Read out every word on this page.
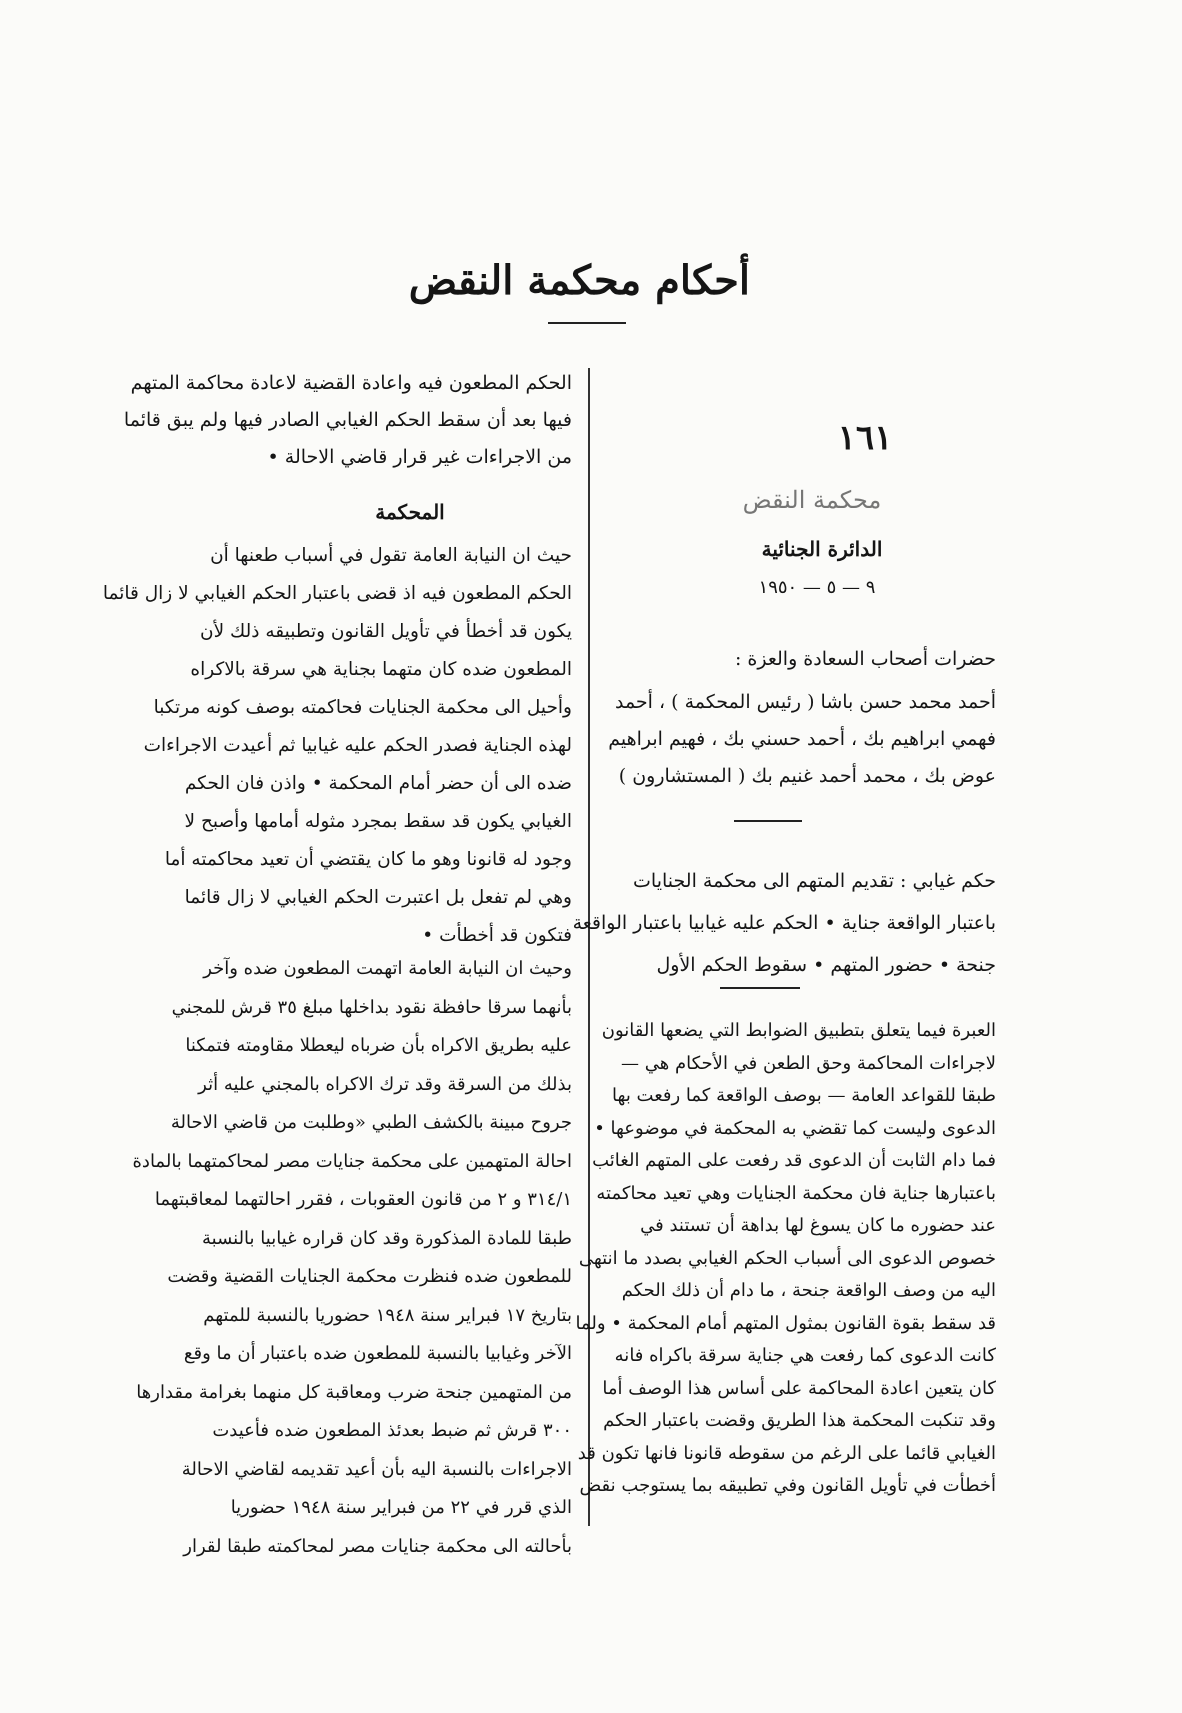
أحكام محكمة النقض
١٦١
محكمة النقض
الدائرة الجنائية
٩ — ٥ — ١٩٥٠
حضرات أصحاب السعادة والعزة :

أحمد محمد حسن باشا ( رئيس المحكمة ) ، أحمد

فهمي ابراهيم بك ، أحمد حسني بك ، فهيم ابراهيم

عوض بك ، محمد أحمد غنيم بك ( المستشارون )

حكم غيابي : تقديم المتهم الى محكمة الجنايات

باعتبار الواقعة جناية • الحكم عليه غيابيا باعتبار الواقعة

جنحة • حضور المتهم • سقوط الحكم الأول

العبرة فيما يتعلق بتطبيق الضوابط التي يضعها القانون

لاجراءات المحاكمة وحق الطعن في الأحكام هي —

طبقا للقواعد العامة — بوصف الواقعة كما رفعت بها

الدعوى وليست كما تقضي به المحكمة في موضوعها •

فما دام الثابت أن الدعوى قد رفعت على المتهم الغائب

باعتبارها جناية فان محكمة الجنايات وهي تعيد محاكمته

عند حضوره ما كان يسوغ لها بداهة أن تستند في

خصوص الدعوى الى أسباب الحكم الغيابي بصدد ما انتهى

اليه من وصف الواقعة جنحة ، ما دام أن ذلك الحكم

قد سقط بقوة القانون بمثول المتهم أمام المحكمة • ولما

كانت الدعوى كما رفعت هي جناية سرقة باكراه فانه

كان يتعين اعادة المحاكمة على أساس هذا الوصف أما

وقد تنكبت المحكمة هذا الطريق وقضت باعتبار الحكم

الغيابي قائما على الرغم من سقوطه قانونا فانها تكون قد

أخطأت في تأويل القانون وفي تطبيقه بما يستوجب نقض

الحكم المطعون فيه واعادة القضية لاعادة محاكمة المتهم

فيها بعد أن سقط الحكم الغيابي الصادر فيها ولم يبق قائما

من الاجراءات غير قرار قاضي الاحالة •

المحكمة

حيث ان النيابة العامة تقول في أسباب طعنها أن

الحكم المطعون فيه اذ قضى باعتبار الحكم الغيابي لا زال قائما

يكون قد أخطأ في تأويل القانون وتطبيقه ذلك لأن

المطعون ضده كان متهما بجناية هي سرقة بالاكراه

وأحيل الى محكمة الجنايات فحاكمته بوصف كونه مرتكبا

لهذه الجناية فصدر الحكم عليه غيابيا ثم أعيدت الاجراءات

ضده الى أن حضر أمام المحكمة • واذن فان الحكم

الغيابي يكون قد سقط بمجرد مثوله أمامها وأصبح لا

وجود له قانونا وهو ما كان يقتضي أن تعيد محاكمته أما

وهي لم تفعل بل اعتبرت الحكم الغيابي لا زال قائما

فتكون قد أخطأت •

وحيث ان النيابة العامة اتهمت المطعون ضده وآخر

بأنهما سرقا حافظة نقود بداخلها مبلغ ٣٥ قرش للمجني

عليه بطريق الاكراه بأن ضرباه ليعطلا مقاومته فتمكنا

بذلك من السرقة وقد ترك الاكراه بالمجني عليه أثر

جروح مبينة بالكشف الطبي «وطلبت من قاضي الاحالة

احالة المتهمين على محكمة جنايات مصر لمحاكمتهما بالمادة

٣١٤/١ و ٢ من قانون العقوبات ، فقرر احالتهما لمعاقبتهما

طبقا للمادة المذكورة وقد كان قراره غيابيا بالنسبة

للمطعون ضده فنظرت محكمة الجنايات القضية وقضت

بتاريخ ١٧ فبراير سنة ١٩٤٨ حضوريا بالنسبة للمتهم

الآخر وغيابيا بالنسبة للمطعون ضده باعتبار أن ما وقع

من المتهمين جنحة ضرب ومعاقبة كل منهما بغرامة مقدارها

٣٠٠ قرش ثم ضبط بعدئذ المطعون ضده فأعيدت

الاجراءات بالنسبة اليه بأن أعيد تقديمه لقاضي الاحالة

الذي قرر في ٢٢ من فبراير سنة ١٩٤٨ حضوريا

بأحالته الى محكمة جنايات مصر لمحاكمته طبقا لقرار
